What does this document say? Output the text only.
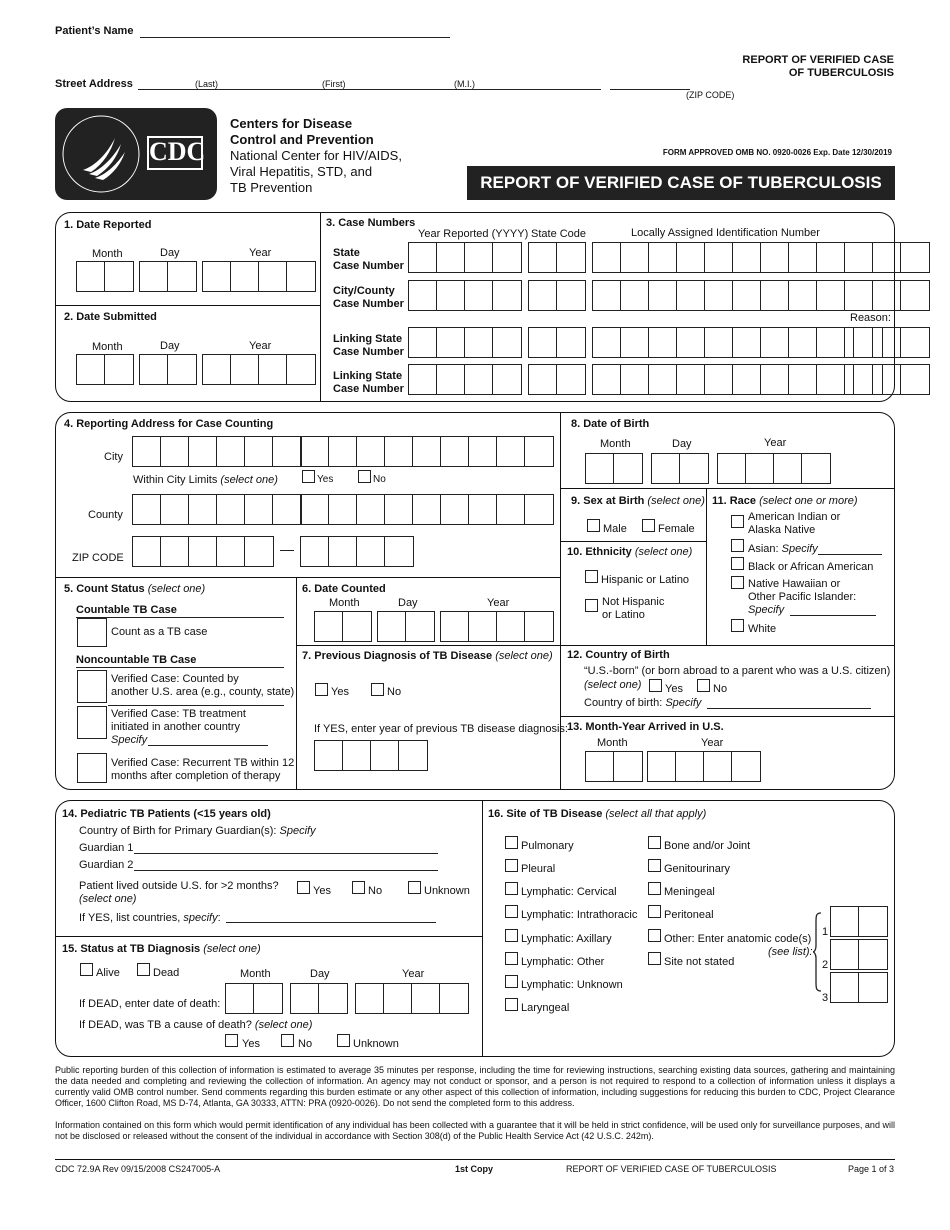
Patient’s Name
Street Address	(Last)	(First)	(M.I.)
(ZIP CODE)
REPORT OF VERIFIED CASE
OF TUBERCULOSIS
CDC
Centers for Disease
Control and Prevention
National Center for HIV/AIDS,
Viral Hepatitis, STD, and
TB Prevention
FORM APPROVED OMB NO. 0920-0026 Exp. Date 12/30/2019
REPORT OF VERIFIED CASE OF TUBERCULOSIS
1. Date Reported
Month	Day	Year
2. Date Submitted
Month	Day	Year
3. Case Numbers
Year Reported (YYYY) State Code	Locally Assigned Identification Number
State
Case Number
City/County
Case Number
Reason:
Linking State
Case Number
Linking State
Case Number
4. Reporting Address for Case Counting
City
Within City Limits (select one)	Yes	No
County
ZIP CODE
5. Count Status (select one)
Countable TB Case
Count as a TB case
Noncountable TB Case
Verified Case: Counted by
another U.S. area (e.g., county, state)
Verified Case: TB treatment
initiated in another country
Specify
Verified Case: Recurrent TB within 12
months after completion of therapy
6. Date Counted
Month	Day	Year
7. Previous Diagnosis of TB Disease (select one)
Yes	No
If YES, enter year of previous TB disease diagnosis:
8. Date of Birth
Month	Day	Year
9. Sex at Birth (select one)
Male	Female
10. Ethnicity (select one)
Hispanic or Latino
Not Hispanic
or Latino
11. Race (select one or more)
American Indian or
Alaska Native
Asian: Specify
Black or African American
Native Hawaiian or
Other Pacific Islander:
Specify
White
12. Country of Birth
“U.S.-born” (or born abroad to a parent who was a U.S. citizen)
(select one) Yes	No
Country of birth: Specify
13. Month-Year Arrived in U.S.
Month	Year
14. Pediatric TB Patients (<15 years old)
Country of Birth for Primary Guardian(s): Specify
Guardian 1
Guardian 2
Patient lived outside U.S. for >2 months?
(select one)
Yes	No	Unknown
If YES, list countries, specify:
15. Status at TB Diagnosis (select one)
Alive	Dead	Month	Day	Year
If DEAD, enter date of death:
If DEAD, was TB a cause of death? (select one)
Yes	No	Unknown
16. Site of TB Disease (select all that apply)
Pulmonary
Pleural
Lymphatic: Cervical
Lymphatic: Intrathoracic
Lymphatic: Axillary
Lymphatic: Other
Lymphatic: Unknown
Laryngeal
Bone and/or Joint
Genitourinary
Meningeal
Peritoneal
Other: Enter anatomic code(s)
(see list):
Site not stated
1
2
3
Public reporting burden of this collection of information is estimated to average 35 minutes per response, including the time for reviewing instructions, searching existing data sources, gathering and maintaining the data needed and completing and reviewing the collection of information. An agency may not conduct or sponsor, and a person is not required to respond to a collection of information unless it displays a currently valid OMB control number. Send comments regarding this burden estimate or any other aspect of this collection of information, including suggestions for reducing this burden to CDC, Project Clearance Officer, 1600 Clifton Road, MS D-74, Atlanta, GA 30333, ATTN: PRA (0920-0026). Do not send the completed form to this address.
Information contained on this form which would permit identification of any individual has been collected with a guarantee that it will be held in strict confidence, will be used only for surveillance purposes, and will not be disclosed or released without the consent of the individual in accordance with Section 308(d) of the Public Health Service Act (42 U.S.C. 242m).
CDC 72.9A Rev 09/15/2008 CS247005-A	1st Copy	REPORT OF VERIFIED CASE OF TUBERCULOSIS	Page 1 of 3
